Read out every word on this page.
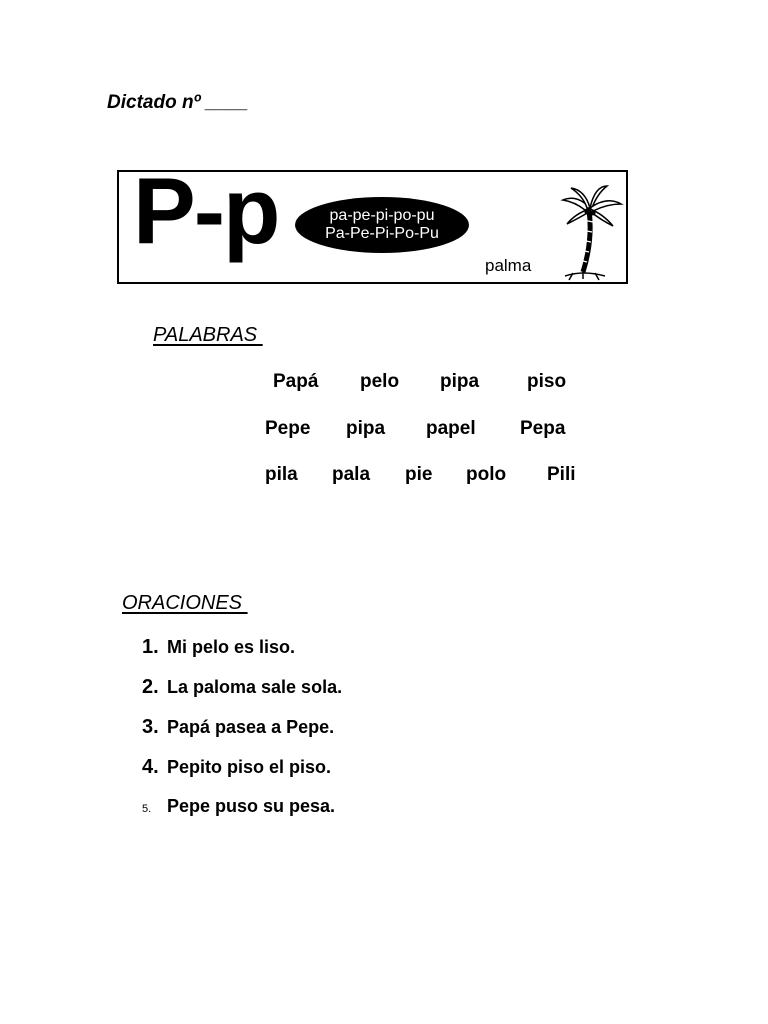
Dictado nº ____
P-p	pa-pe-pi-po-pu
Pa-Pe-Pi-Po-Pu
palma
PALABRAS
Papá pelo pipa	piso
Pepe pipa papel Pepa
pila pala pie polo Pili
ORACIONES
1. Mi pelo es liso.
2. La paloma sale sola.
3. Papá pasea a Pepe.
4. Pepito piso el piso.
5. Pepe puso su pesa.
